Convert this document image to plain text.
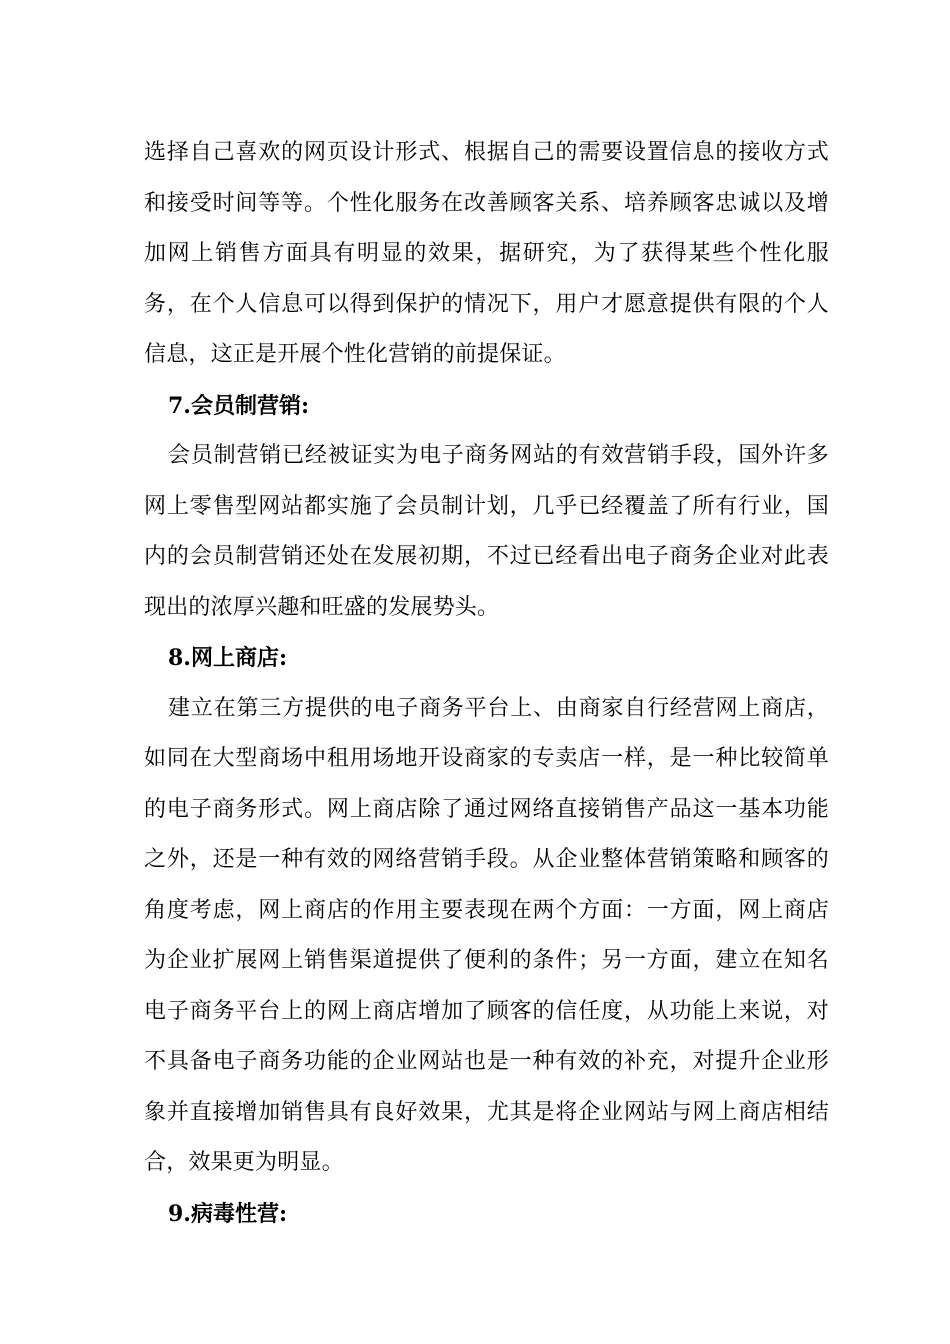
选择自己喜欢的网页设计形式、根据自己的需要设置信息的接收方式和接受时间等等。个性化服务在改善顾客关系、培养顾客忠诚以及增加网上销售方面具有明显的效果，据研究，为了获得某些个性化服务，在个人信息可以得到保护的情况下，用户才愿意提供有限的个人信息，这正是开展个性化营销的前提保证。

7.会员制营销:

会员制营销已经被证实为电子商务网站的有效营销手段，国外许多网上零售型网站都实施了会员制计划，几乎已经覆盖了所有行业，国内的会员制营销还处在发展初期，不过已经看出电子商务企业对此表现出的浓厚兴趣和旺盛的发展势头。

8.网上商店:

建立在第三方提供的电子商务平台上、由商家自行经营网上商店，如同在大型商场中租用场地开设商家的专卖店一样，是一种比较简单的电子商务形式。网上商店除了通过网络直接销售产品这一基本功能之外，还是一种有效的网络营销手段。从企业整体营销策略和顾客的角度考虑，网上商店的作用主要表现在两个方面：一方面，网上商店为企业扩展网上销售渠道提供了便利的条件；另一方面，建立在知名电子商务平台上的网上商店增加了顾客的信任度，从功能上来说，对不具备电子商务功能的企业网站也是一种有效的补充，对提升企业形象并直接增加销售具有良好效果，尤其是将企业网站与网上商店相结合，效果更为明显。

9.病毒性营:
